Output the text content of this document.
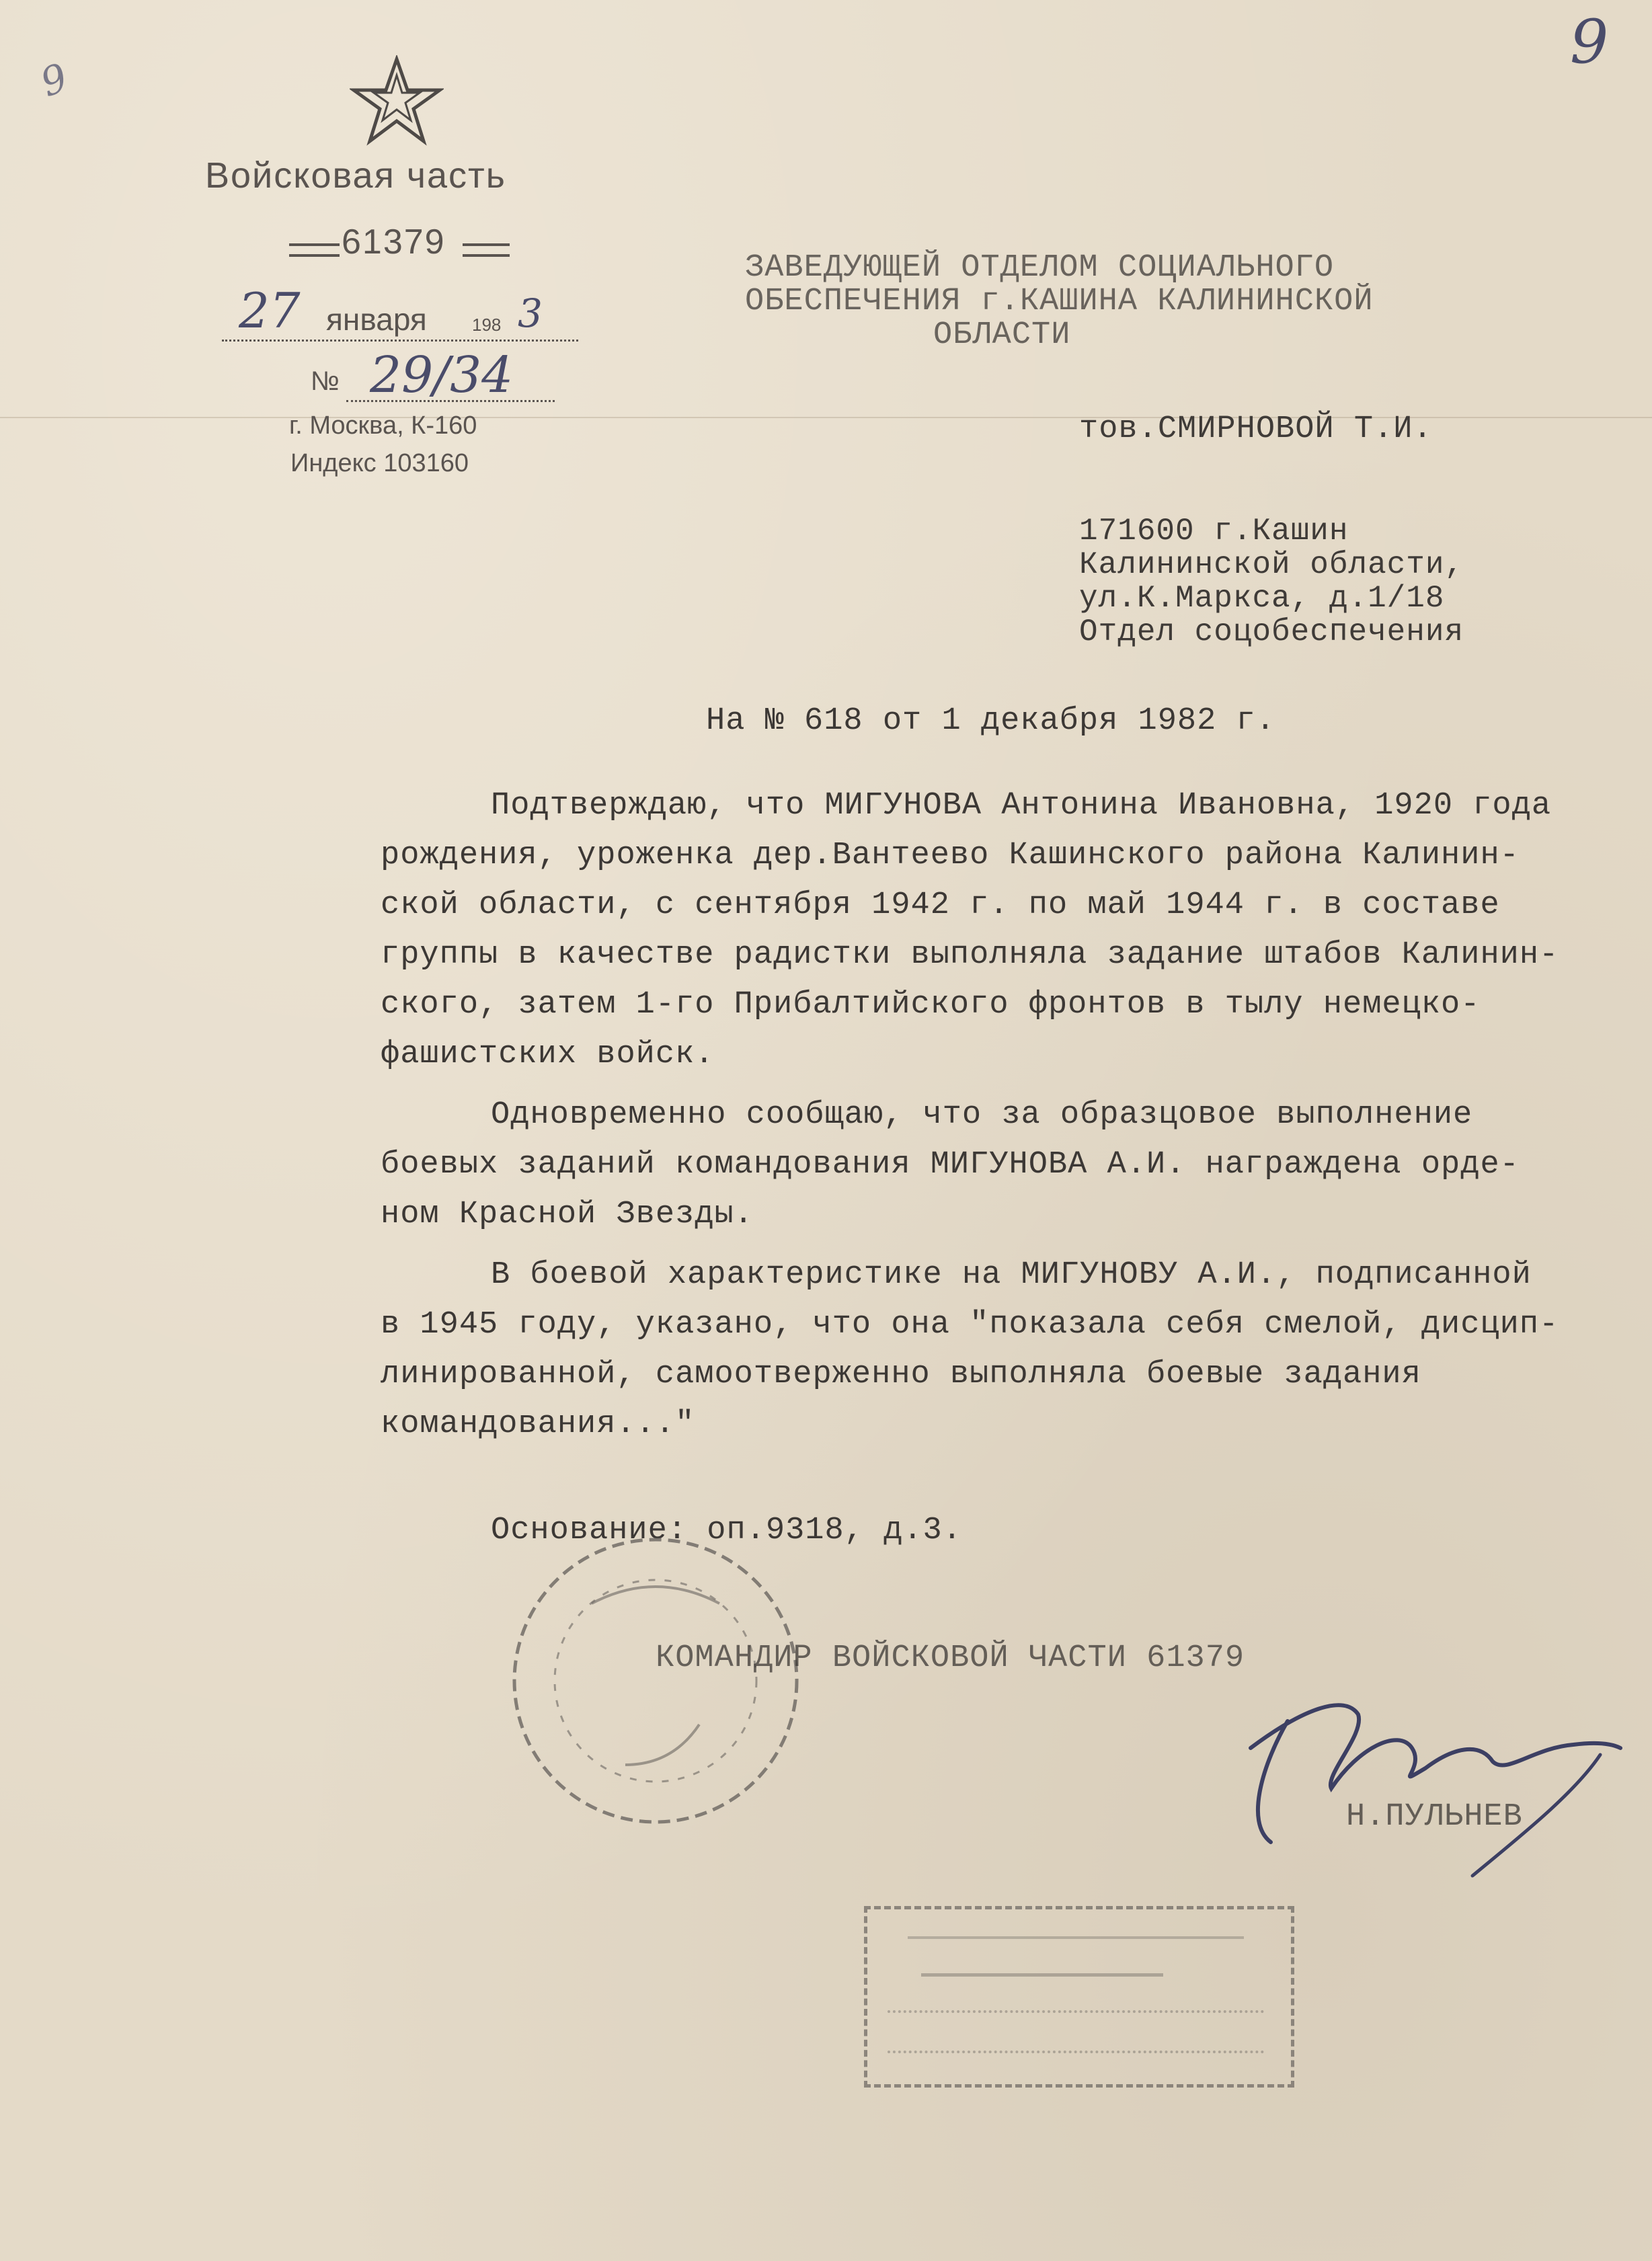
9
9
Войсковая часть
61379
27 января	198 3
№ 29/34
г. Москва, К-160
Индекс 103160
ЗАВЕДУЮЩЕЙ ОТДЕЛОМ СОЦИАЛЬНОГО
ОБЕСПЕЧЕНИЯ г.КАШИНА КАЛИНИНСКОЙ
ОБЛАСТИ
тов.СМИРНОВОЙ Т.И.
171600 г.Кашин
Калининской области,
ул.К.Маркса, д.1/18
Отдел соцобеспечения
На № 618 от 1 декабря 1982 г.
Подтверждаю, что МИГУНОВА Антонина Ивановна, 1920 года
рождения, уроженка дер.Вантеево Кашинского района Калинин-
ской области, с сентября 1942 г. по май 1944 г. в составе
группы в качестве радистки выполняла задание штабов Калинин-
ского, затем 1-го Прибалтийского фронтов в тылу немецко-
фашистских войск.
Одновременно сообщаю, что за образцовое выполнение
боевых заданий командования МИГУНОВА А.И. награждена орде-
ном Красной Звезды.
В боевой характеристике на МИГУНОВУ А.И., подписанной
в 1945 году, указано, что она "показала себя смелой, дисцип-
линированной, самоотверженно выполняла боевые задания
командования..."
Основание: оп.9318, д.3.
КОМАНДИР ВОЙСКОВОЙ ЧАСТИ 61379
Н.ПУЛЬНЕВ
